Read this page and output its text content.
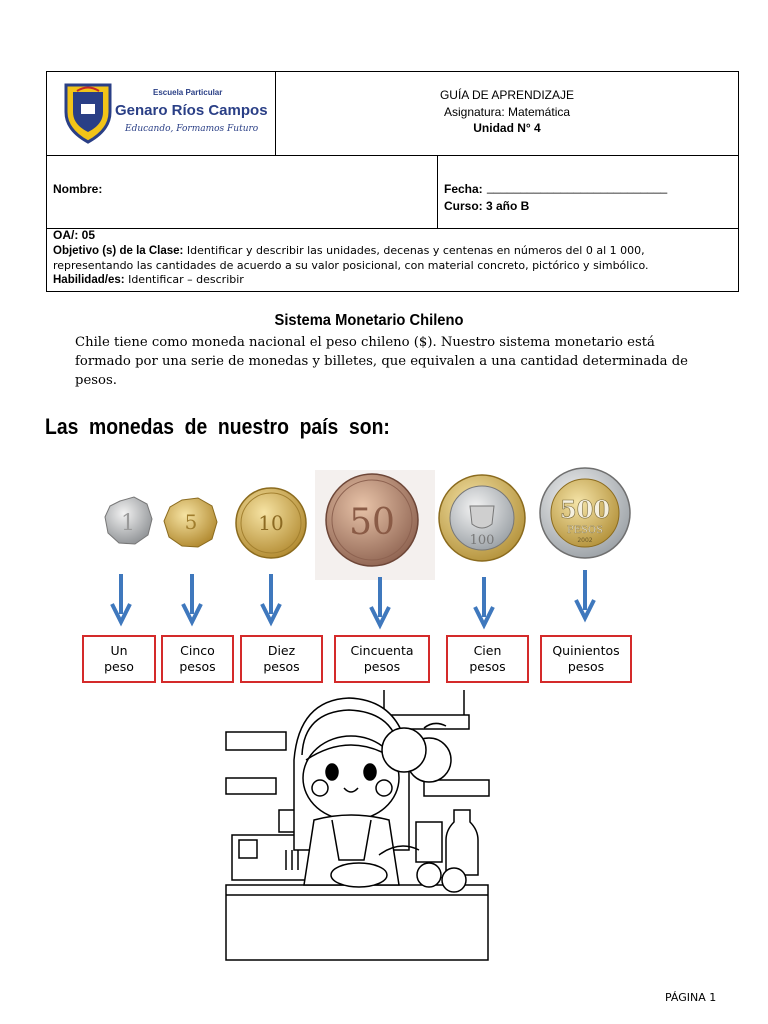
Escuela Particular
Genaro Ríos Campos
Educando, Formamos Futuro
GUÍA DE APRENDIZAJE
Asignatura: Matemática
Unidad N° 4
Nombre:	Fecha: ___________________________
Curso: 3 año B
OA/: 05
Objetivo (s) de la Clase: Identificar y describir las unidades, decenas y centenas en números del 0 al 1 000,
representando las cantidades de acuerdo a su valor posicional, con material concreto, pictórico y simbólico.
Habilidad/es: Identificar – describir
Sistema Monetario Chileno
Chile tiene como moneda nacional el peso chileno ($). Nuestro sistema monetario está
formado por una serie de monedas y billetes, que equivalen a una cantidad determinada de
pesos.
Las monedas de nuestro país son:
1 5	10 50	100
500
PESOS
2002
Un
peso
Cinco
pesos
Diez
pesos
Cincuenta
pesos
Cien
pesos
Quinientos
pesos
PÁGINA 1
